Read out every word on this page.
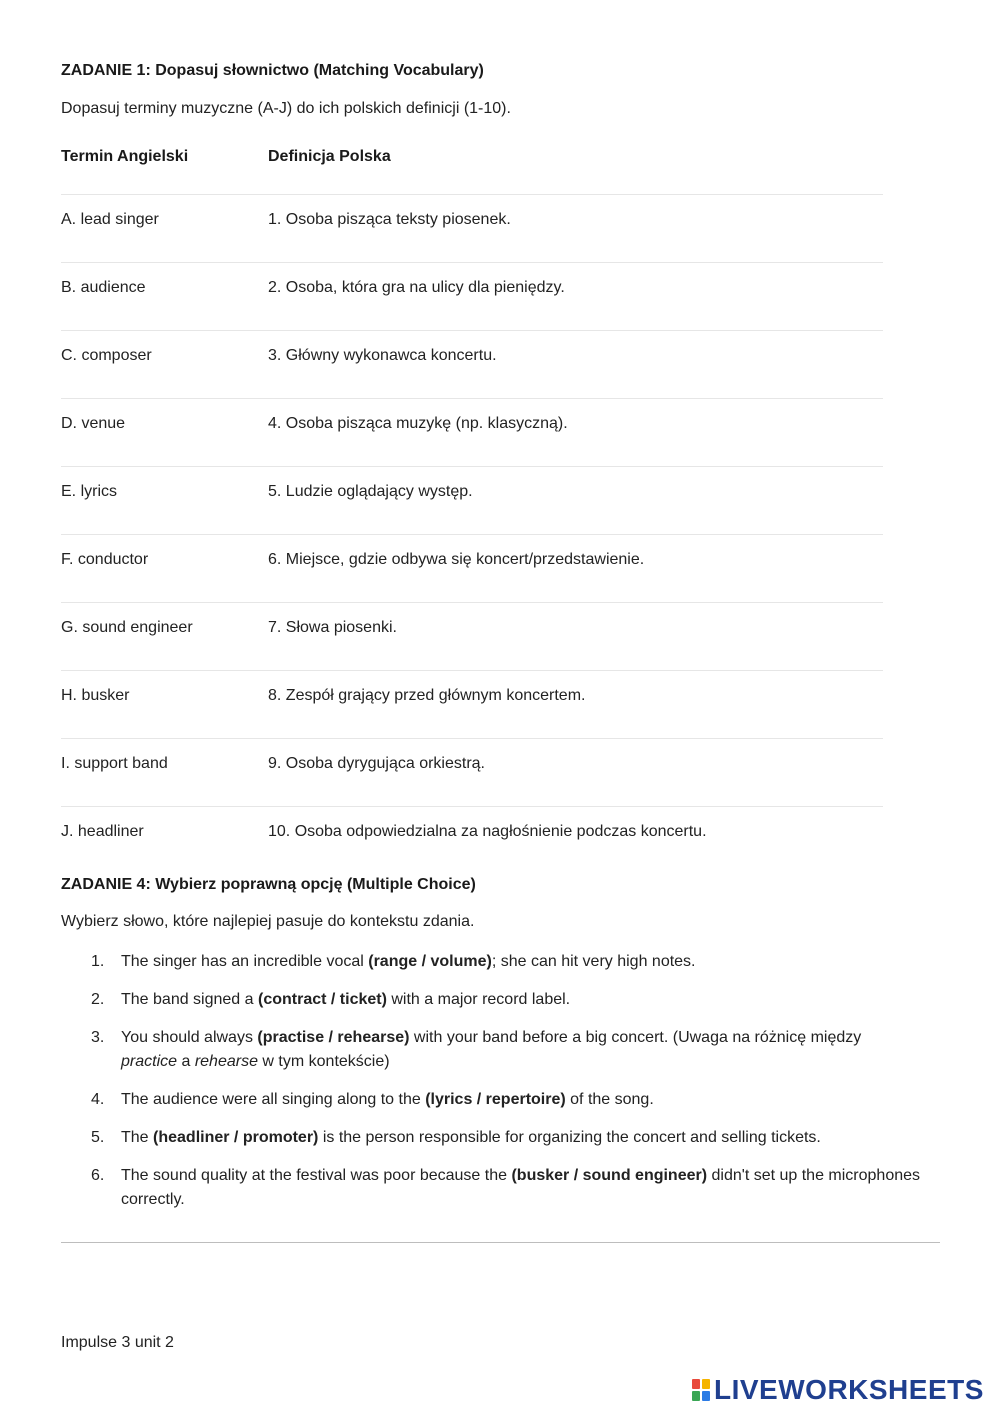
ZADANIE 1: Dopasuj słownictwo (Matching Vocabulary)
Dopasuj terminy muzyczne (A-J) do ich polskich definicji (1-10).
Termin Angielski	Definicja Polska
A. lead singer	1. Osoba pisząca teksty piosenek.
B. audience	2. Osoba, która gra na ulicy dla pieniędzy.
C. composer	3. Główny wykonawca koncertu.
D. venue	4. Osoba pisząca muzykę (np. klasyczną).
E. lyrics	5. Ludzie oglądający występ.
F. conductor	6. Miejsce, gdzie odbywa się koncert/przedstawienie.
G. sound engineer	7. Słowa piosenki.
H. busker	8. Zespół grający przed głównym koncertem.
I. support band	9. Osoba dyrygująca orkiestrą.
J. headliner	10. Osoba odpowiedzialna za nagłośnienie podczas koncertu.
ZADANIE 4: Wybierz poprawną opcję (Multiple Choice)
Wybierz słowo, które najlepiej pasuje do kontekstu zdania.
1. The singer has an incredible vocal (range / volume); she can hit very high notes.
2. The band signed a (contract / ticket) with a major record label.
3. You should always (practise / rehearse) with your band before a big concert. (Uwaga na różnicę między practice a rehearse w tym kontekście)
4. The audience were all singing along to the (lyrics / repertoire) of the song.
5. The (headliner / promoter) is the person responsible for organizing the concert and selling tickets.
6. The sound quality at the festival was poor because the (busker / sound engineer) didn't set up the microphones correctly.
Impulse 3 unit 2
LIVEWORKSHEETS
